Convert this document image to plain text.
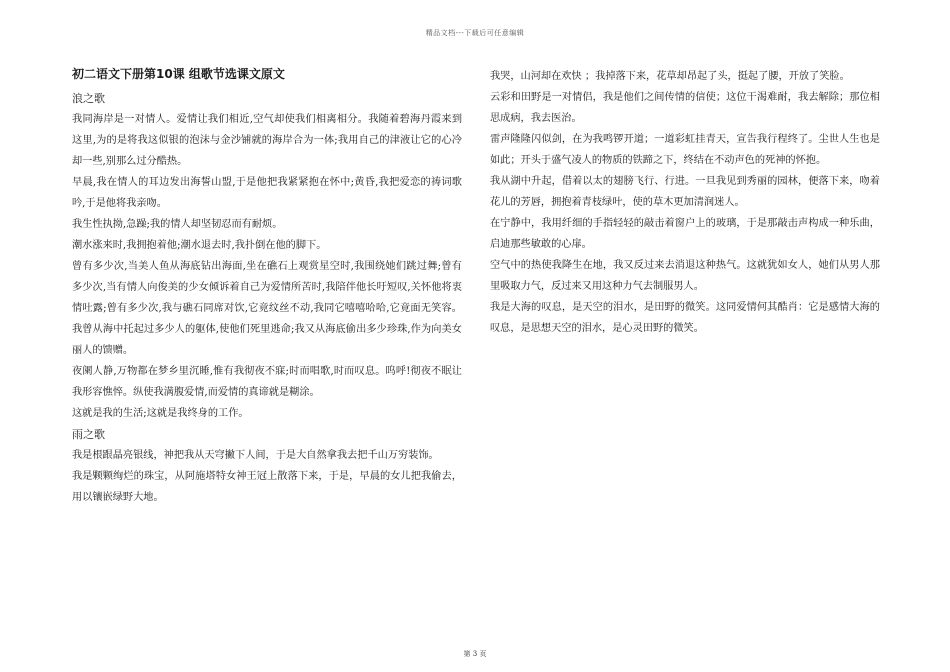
精品文档---下载后可任意编辑
初二语文下册第10课 组歌节选课文原文
浪之歌

我同海岸是一对情人。爱情让我们相近,空气却使我们相离相分。我随着碧海丹霞来到这里,为的是将我这似银的泡沫与金沙铺就的海岸合为一体;我用自己的津液让它的心冷却一些,别那么过分酷热。

早晨,我在情人的耳边发出海誓山盟,于是他把我紧紧抱在怀中;黄昏,我把爱恋的祷词歌吟,于是他将我亲吻。

我生性执拗,急躁;我的情人却坚韧忍而有耐烦。

潮水涨来时,我拥抱着他;潮水退去时,我扑倒在他的脚下。

曾有多少次,当美人鱼从海底钻出海面,坐在礁石上观赏星空时,我围绕她们跳过舞;曾有多少次,当有情人向俊美的少女倾诉着自己为爱情所苦时,我陪伴他长吁短叹,关怀他将衷情吐露;曾有多少次,我与礁石同席对饮,它竟纹丝不动,我同它嘻嘻哈哈,它竟面无笑容。我曾从海中托起过多少人的躯体,使他们死里逃命;我又从海底偷出多少珍珠,作为向美女丽人的馈赠。

夜阑人静,万物都在梦乡里沉睡,惟有我彻夜不寐;时而唱歌,时而叹息。呜呼!彻夜不眠让我形容憔悴。纵使我满腹爱情,而爱情的真谛就是糊涂。

这就是我的生活;这就是我终身的工作。

雨之歌

我是根跟晶亮银线，神把我从天穹撇下人间，于是大自然拿我去把千山万穷装饰。

我是颗颗绚烂的珠宝，从阿施塔特女神王冠上散落下来，于是，早晨的女儿把我偷去，用以镶嵌绿野大地。

我哭，山河却在欢快 ；我掉落下来，花草却昂起了头，挺起了腰，开放了笑脸。

云彩和田野是一对情侣，我是他们之间传情的信使；这位干渴难耐，我去解除；那位相思成病，我去医治。

雷声隆隆闪似剑，在为我鸣锣开道；一道彩虹挂青天，宣告我行程终了。尘世人生也是如此；开头于盛气凌人的物质的铁蹄之下，终结在不动声色的死神的怀抱。

我从湖中升起，借着以太的翅膀飞行、行进。一旦我见到秀丽的园林，便落下来，吻着花儿的芳唇，拥抱着青枝绿叶，使的草木更加清润迷人。

在宁静中，我用纤细的手指轻轻的敲击着窗户上的玻璃，于是那敲击声构成一种乐曲，启迪那些敏敢的心扉。

空气中的热使我降生在地，我又反过来去消退这种热气。这就犹如女人，她们从男人那里吸取力气，反过来又用这种力气去制服男人。

我是大海的叹息，是天空的泪水，是田野的微笑。这同爱情何其酷肖：它是感情大海的叹息，是思想天空的泪水，是心灵田野的微笑。

第 3 页
